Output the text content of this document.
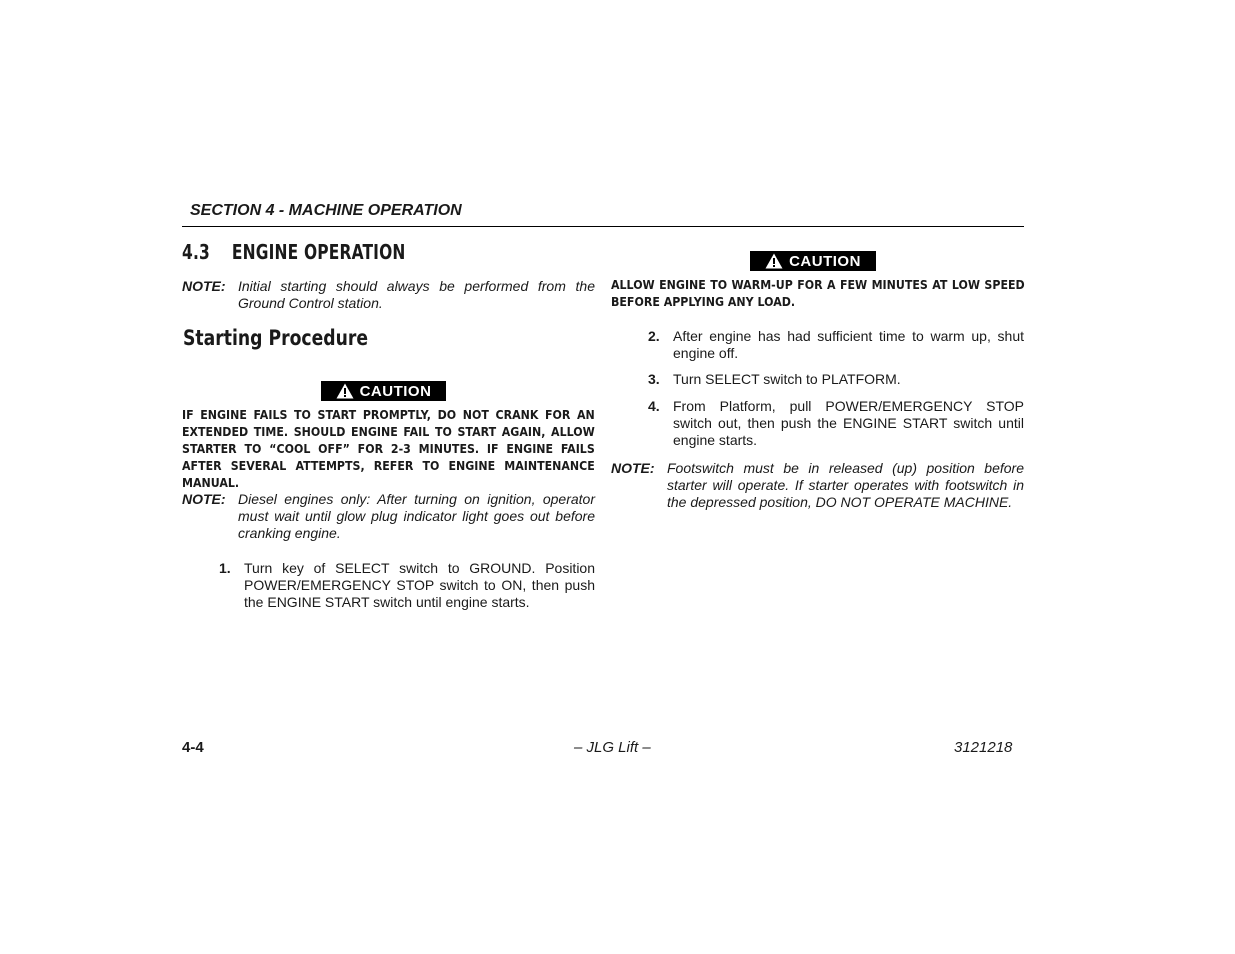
SECTION 4 - MACHINE OPERATION
4.3 ENGINE OPERATION
NOTE: Initial starting should always be performed from the Ground Control station.
Starting Procedure
CAUTION
IF ENGINE FAILS TO START PROMPTLY, DO NOT CRANK FOR AN EXTENDED TIME. SHOULD ENGINE FAIL TO START AGAIN, ALLOW STARTER TO “COOL OFF” FOR 2-3 MINUTES. IF ENGINE FAILS AFTER SEVERAL ATTEMPTS, REFER TO ENGINE MAINTENANCE MANUAL.
NOTE: Diesel engines only: After turning on ignition, operator must wait until glow plug indicator light goes out before cranking engine.
1. Turn key of SELECT switch to GROUND. Position POWER/EMERGENCY STOP switch to ON, then push the ENGINE START switch until engine starts.
CAUTION
ALLOW ENGINE TO WARM-UP FOR A FEW MINUTES AT LOW SPEED BEFORE APPLYING ANY LOAD.
2. After engine has had sufficient time to warm up, shut engine off.
3. Turn SELECT switch to PLATFORM.
4. From Platform, pull POWER/EMERGENCY STOP switch out, then push the ENGINE START switch until engine starts.
NOTE: Footswitch must be in released (up) position before starter will operate. If starter operates with footswitch in the depressed position, DO NOT OPERATE MACHINE.
4-4	– JLG Lift –	3121218
